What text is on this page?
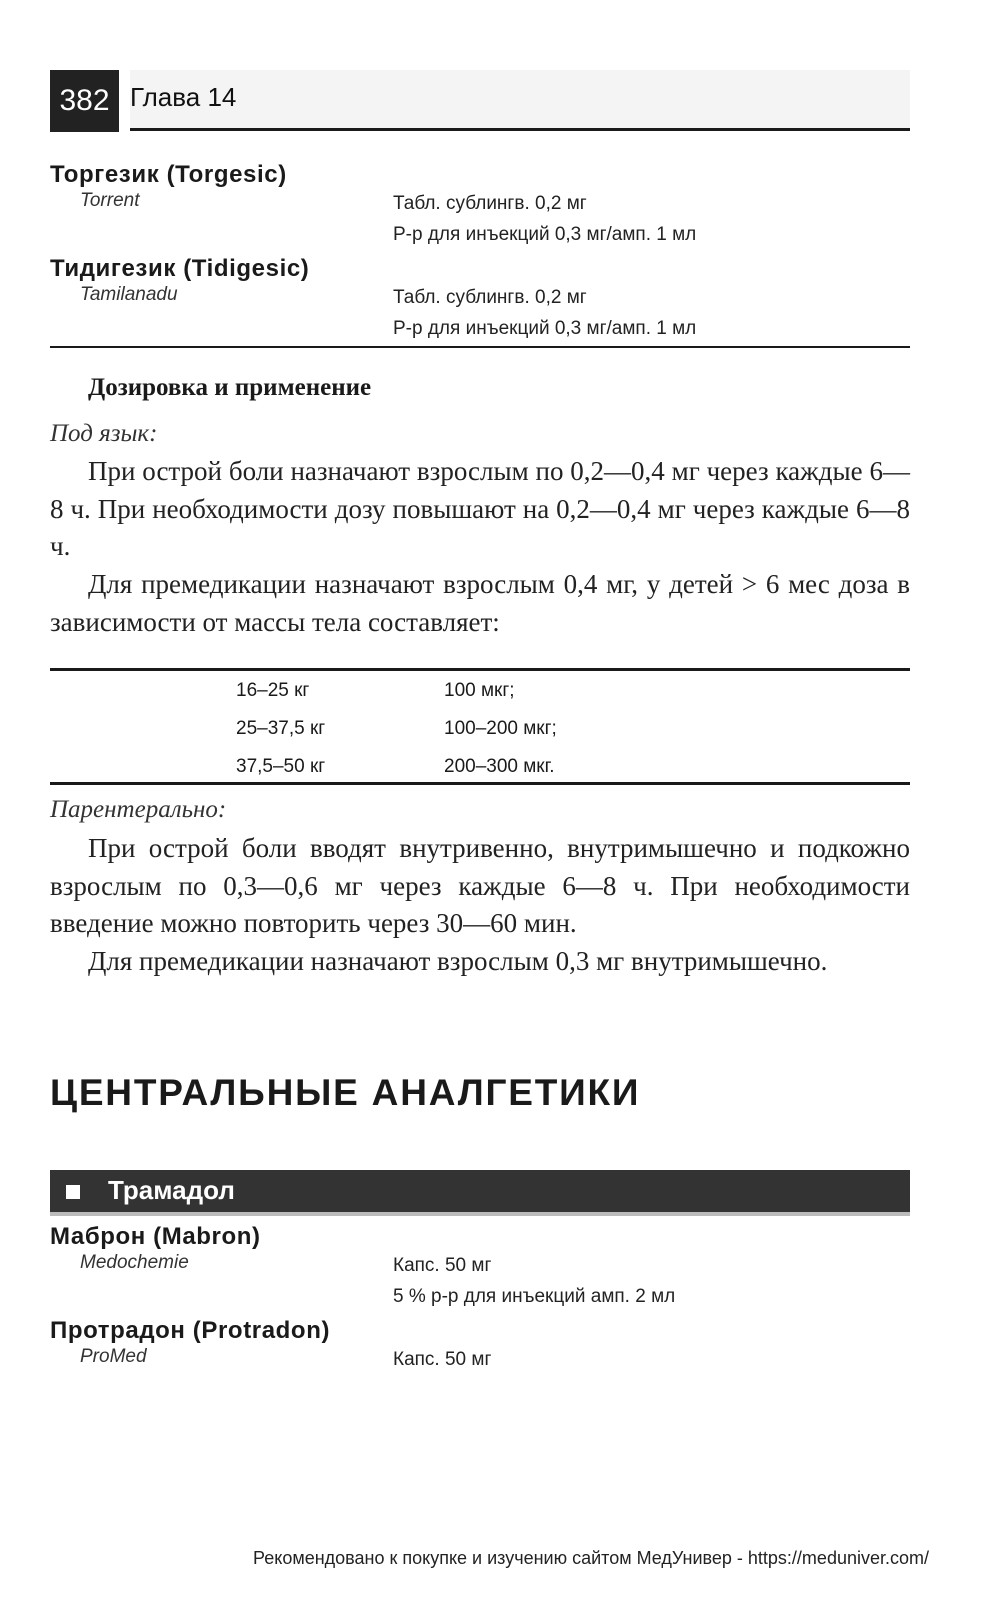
382 Глава 14
Торгезик (Torgesic)
Torrent	Табл. сублингв. 0,2 мг
Р-р для инъекций 0,3 мг/амп. 1 мл
Тидигезик (Tidigesic)
Tamilanadu	Табл. сублингв. 0,2 мг
Р-р для инъекций 0,3 мг/амп. 1 мл
Дозировка и применение
Под язык:

При острой боли назначают взрослым по 0,2—0,4 мг через каждые 6—8 ч. При необходимости дозу повышают на 0,2—0,4 мг через каждые 6—8 ч.

Для премедикации назначают взрослым 0,4 мг, у детей > 6 мес доза в зависимости от массы тела составляет:

16–25 кг	100 мкг;
25–37,5 кг	100–200 мкг;
37,5–50 кг	200–300 мкг.
Парентерально:

При острой боли вводят внутривенно, внутримышечно и подкожно взрослым по 0,3—0,6 мг через каждые 6—8 ч. При необходимости введение можно повторить через 30—60 мин.

Для премедикации назначают взрослым 0,3 мг внутримышечно.

ЦЕНТРАЛЬНЫЕ АНАЛГЕТИКИ
Трамадол
Маброн (Mabron)
Medochemie	Капс. 50 мг
5 % р-р для инъекций амп. 2 мл
Протрадон (Protradon)
ProMed	Капс. 50 мг
Рекомендовано к покупке и изучению сайтом МедУнивер - https://meduniver.com/
